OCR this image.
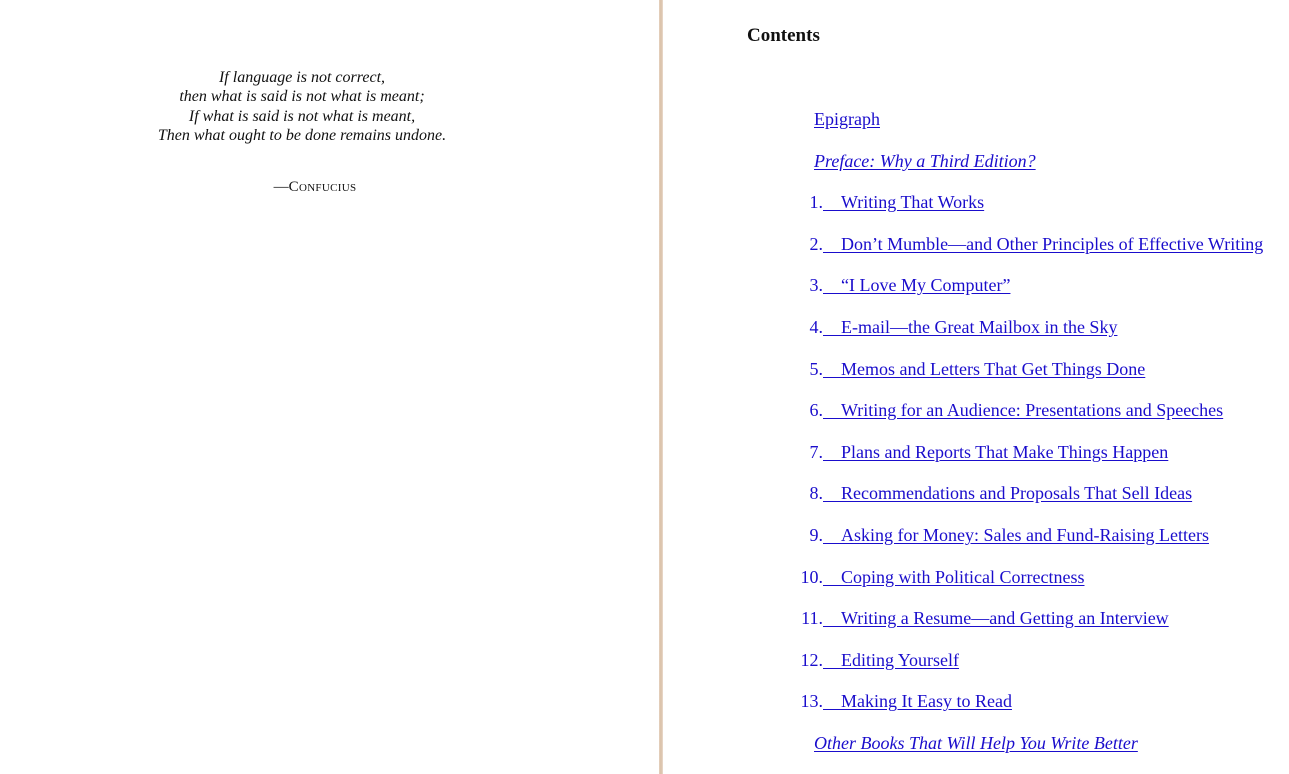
If language is not correct,
then what is said is not what is meant;
If what is said is not what is meant,
Then what ought to be done remains undone.
—Confucius
Contents
Epigraph
Preface: Why a Third Edition?
1.  Writing That Works
2.  Don’t Mumble—and Other Principles of Effective Writing
3.  “I Love My Computer”
4.  E-mail—the Great Mailbox in the Sky
5.  Memos and Letters That Get Things Done
6.  Writing for an Audience: Presentations and Speeches
7.  Plans and Reports That Make Things Happen
8.  Recommendations and Proposals That Sell Ideas
9.  Asking for Money: Sales and Fund-Raising Letters
10.  Coping with Political Correctness
11.  Writing a Resume—and Getting an Interview
12.  Editing Yourself
13.  Making It Easy to Read
Other Books That Will Help You Write Better
